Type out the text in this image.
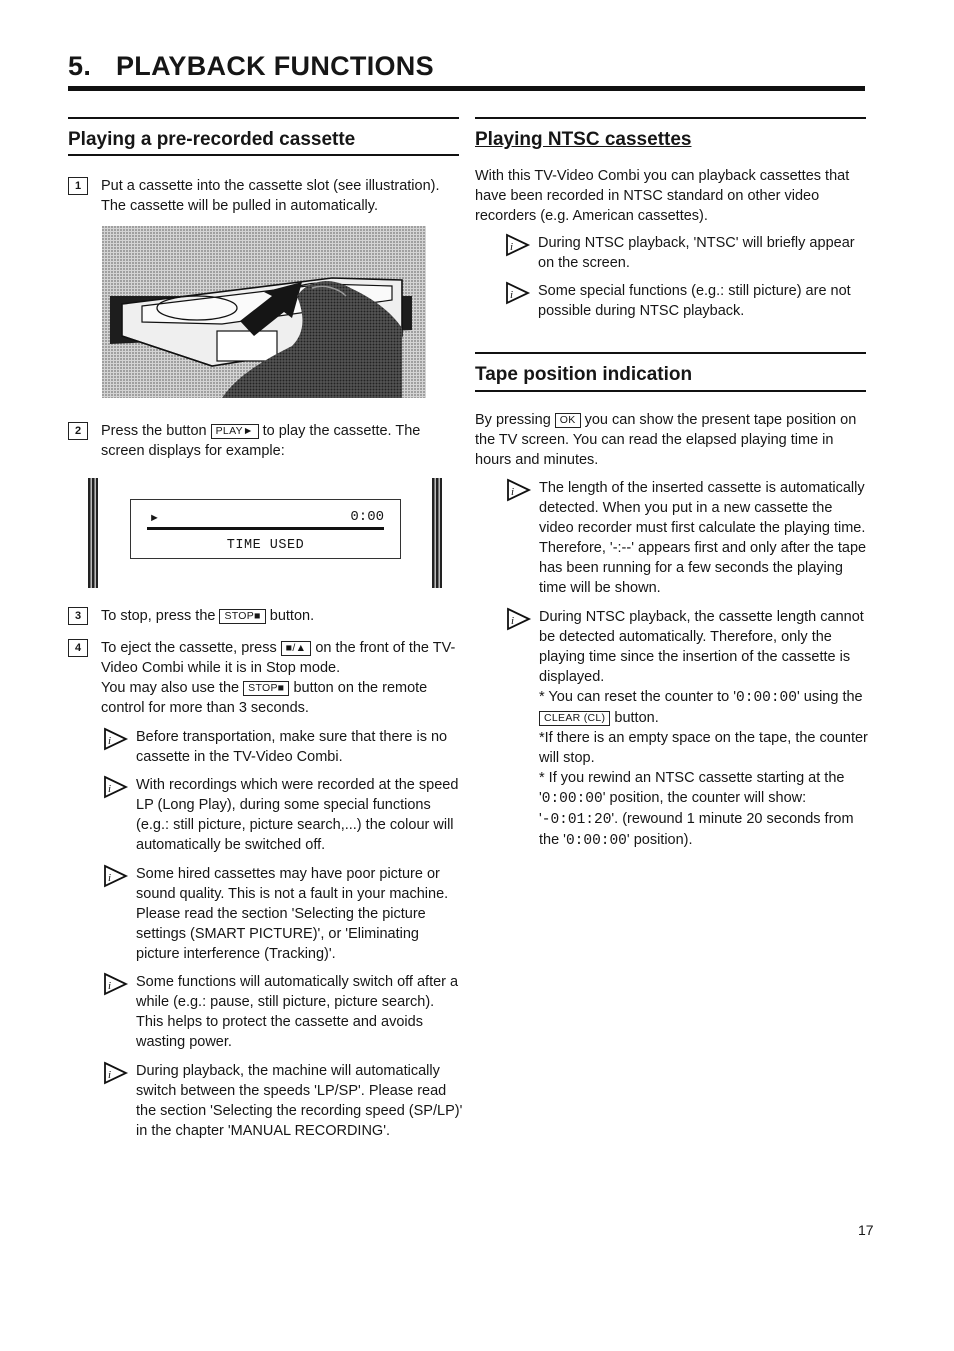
5. PLAYBACK FUNCTIONS
Playing a pre-recorded cassette
1	Put a cassette into the cassette slot (see illustration). The cassette will be pulled in automatically.

2	Press the button PLAY► to play the cassette. The screen displays for example:

►	0:00
TIME USED
3	To stop, press the STOP■ button.

4	To eject the cassette, press ■/▲ on the front of the TV-Video Combi while it is in Stop mode.

You may also use the STOP■ button on the remote control for more than 3 seconds.

i Before transportation, make sure that there is no cassette in the TV-Video Combi.

i With recordings which were recorded at the speed LP (Long Play), during some special functions (e.g.: still picture, picture search,...) the colour will automatically be switched off.

i Some hired cassettes may have poor picture or sound quality. This is not a fault in your machine. Please read the section 'Selecting the picture settings (SMART PICTURE)', or 'Eliminating picture interference (Tracking)'.

i Some functions will automatically switch off after a while (e.g.: pause, still picture, picture search). This helps to protect the cassette and avoids wasting power.

i During playback, the machine will automatically switch between the speeds 'LP/SP'. Please read the section 'Selecting the recording speed (SP/LP)' in the chapter 'MANUAL RECORDING'.

Playing NTSC cassettes

With this TV-Video Combi you can playback cassettes that have been recorded in NTSC standard on other video recorders (e.g. American cassettes).

i During NTSC playback, 'NTSC' will briefly appear on the screen.

i Some special functions (e.g.: still picture) are not possible during NTSC playback.

Tape position indication

By pressing OK you can show the present tape position on the TV screen. You can read the elapsed playing time in hours and minutes.

i The length of the inserted cassette is automatically detected. When you put in a new cassette the video recorder must first calculate the playing time. Therefore, '-:--' appears first and only after the tape has been running for a few seconds the playing time will be shown.

i During NTSC playback, the cassette length cannot be detected automatically. Therefore, only the playing time since the insertion of the cassette is displayed.

* You can reset the counter to '0:00:00' using the CLEAR (CL) button.

*If there is an empty space on the tape, the counter will stop.

* If you rewind an NTSC cassette starting at the '0:00:00' position, the counter will show: '-0:01:20'. (rewound 1 minute 20 seconds from the '0:00:00' position).

17
